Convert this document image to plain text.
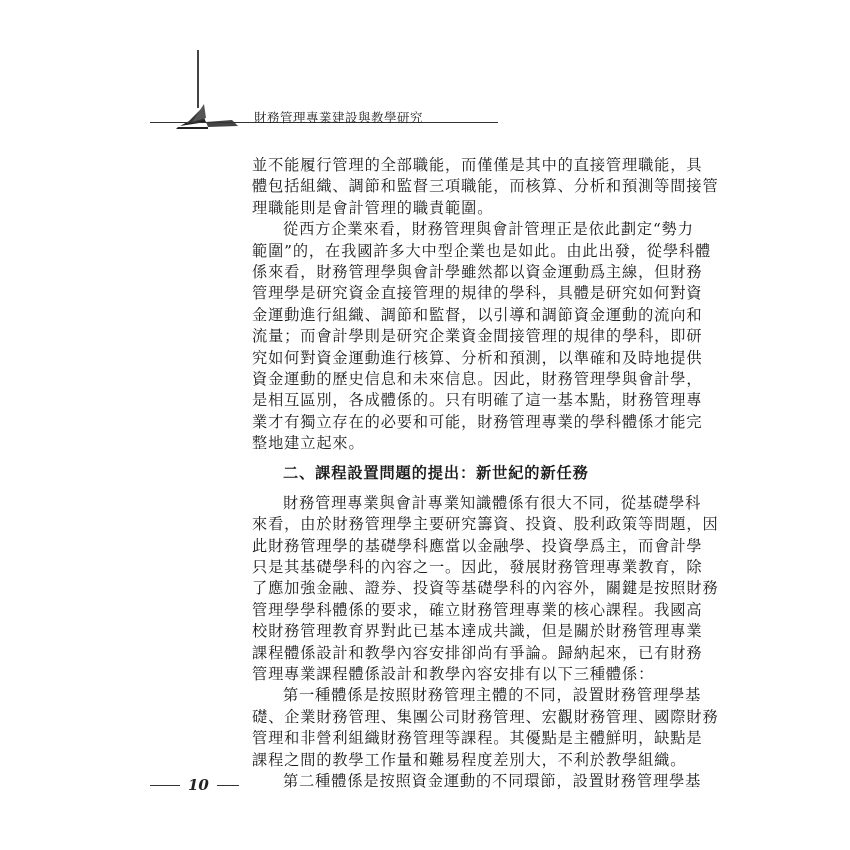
財務管理專業建設與教學研究
並不能履行管理的全部職能，而僅僅是其中的直接管理職能，具
體包括組織、調節和監督三項職能，而核算、分析和預測等間接管
理職能則是會計管理的職責範圍。
從西方企業來看，財務管理與會計管理正是依此劃定“勢力
範圍”的，在我國許多大中型企業也是如此。由此出發，從學科體
係來看，財務管理學與會計學雖然都以資金運動爲主線，但財務
管理學是研究資金直接管理的規律的學科，具體是研究如何對資
金運動進行組織、調節和監督，以引導和調節資金運動的流向和
流量；而會計學則是研究企業資金間接管理的規律的學科，即研
究如何對資金運動進行核算、分析和預測，以準確和及時地提供
資金運動的歷史信息和未來信息。因此，財務管理學與會計學，
是相互區別，各成體係的。只有明確了這一基本點，財務管理專
業才有獨立存在的必要和可能，財務管理專業的學科體係才能完
整地建立起來。
二、課程設置問題的提出：新世紀的新任務
財務管理專業與會計專業知識體係有很大不同，從基礎學科
來看，由於財務管理學主要研究籌資、投資、股利政策等問題，因
此財務管理學的基礎學科應當以金融學、投資學爲主，而會計學
只是其基礎學科的內容之一。因此，發展財務管理專業教育，除
了應加強金融、證券、投資等基礎學科的內容外，關鍵是按照財務
管理學學科體係的要求，確立財務管理專業的核心課程。我國高
校財務管理教育界對此已基本達成共識，但是關於財務管理專業
課程體係設計和教學內容安排卻尚有爭論。歸納起來，已有財務
管理專業課程體係設計和教學內容安排有以下三種體係：
第一種體係是按照財務管理主體的不同，設置財務管理學基
礎、企業財務管理、集團公司財務管理、宏觀財務管理、國際財務
管理和非營利組織財務管理等課程。其優點是主體鮮明，缺點是
課程之間的教學工作量和難易程度差別大，不利於教學組織。
第二種體係是按照資金運動的不同環節，設置財務管理學基
10
